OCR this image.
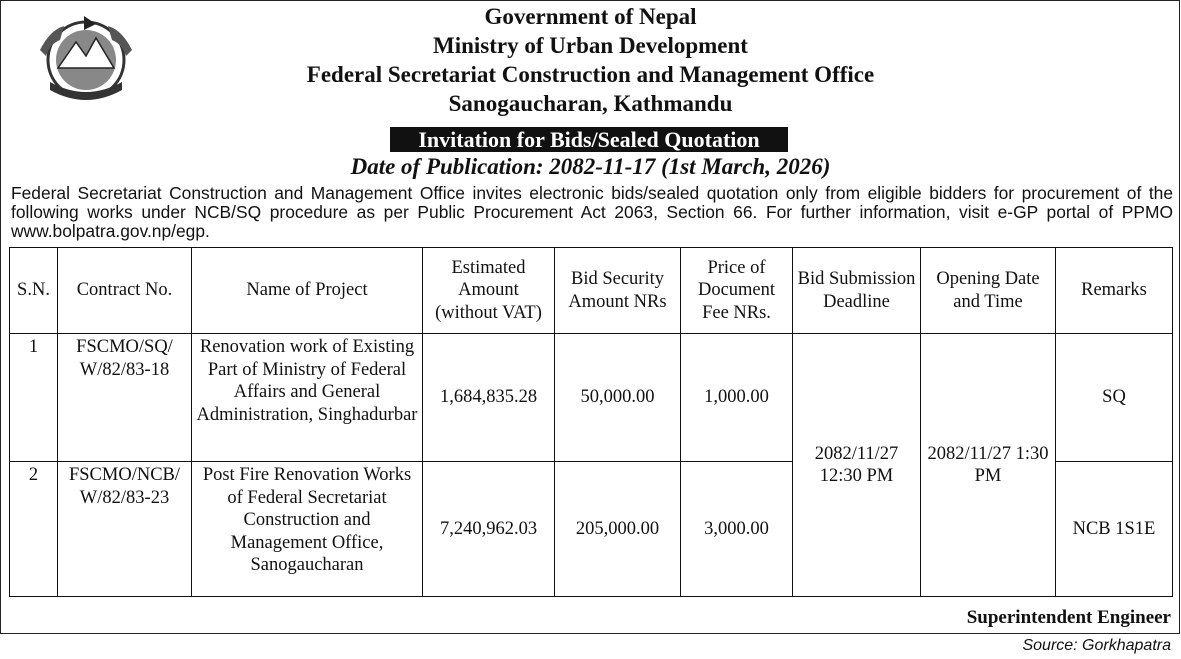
Government of Nepal
Ministry of Urban Development
Federal Secretariat Construction and Management Office
Sanogaucharan, Kathmandu
Invitation for Bids/Sealed Quotation
Date of Publication: 2082-11-17 (1st March, 2026)
Federal Secretariat Construction and Management Office invites electronic bids/sealed quotation only from eligible bidders for procurement of the following works under NCB/SQ procedure as per Public Procurement Act 2063, Section 66. For further information, visit e-GP portal of PPMO www.bolpatra.gov.np/egp.
S.N.	Contract No.	Name of Project	Estimated Amount (without VAT)	Bid Security Amount NRs	Price of Document Fee NRs.	Bid Submission Deadline	Opening Date and Time	Remarks
1	FSCMO/SQ/ W/82/83-18	Renovation work of Existing Part of Ministry of Federal Affairs and General Administration, Singhadurbar	1,684,835.28	50,000.00	1,000.00	2082/11/27 12:30 PM	2082/11/27 1:30 PM	SQ
2	FSCMO/NCB/ W/82/83-23	Post Fire Renovation Works of Federal Secretariat Construction and Management Office, Sanogaucharan	7,240,962.03	205,000.00	3,000.00			NCB 1S1E
Superintendent Engineer
Source: Gorkhapatra
